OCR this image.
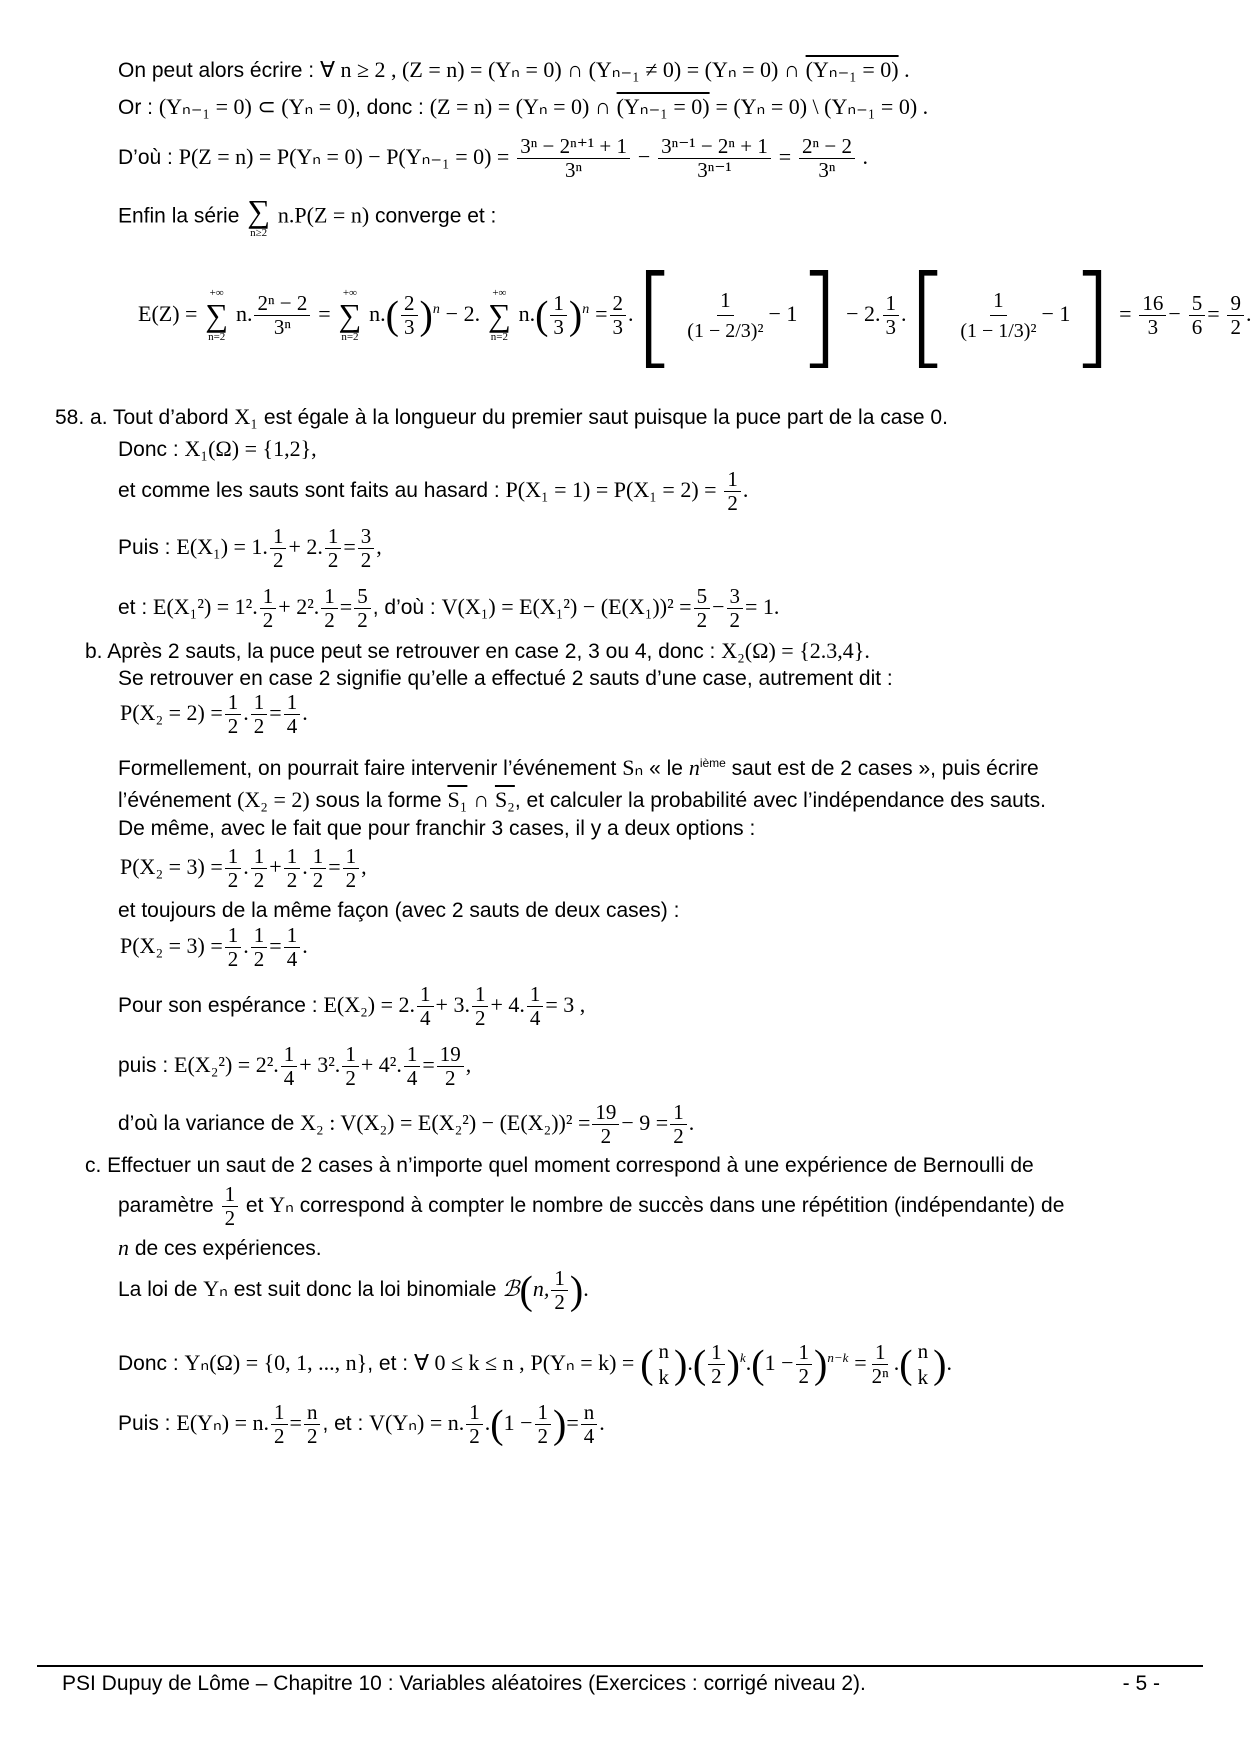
On peut alors écrire : ∀ n ≥ 2 , (Z = n) = (Yₙ = 0) ∩ (Yₙ₋₁ ≠ 0) = (Yₙ = 0) ∩ (Yₙ₋₁ = 0) .
Or : (Yₙ₋₁ = 0) ⊂ (Yₙ = 0), donc : (Z = n) = (Yₙ = 0) ∩ (Yₙ₋₁ = 0) = (Yₙ = 0) \ (Yₙ₋₁ = 0) .
D’où : $P(Z = n) = P(Y_n = 0) - P(Y_{n-1} = 0) = \frac{\text{3ⁿ − 2ⁿ⁺¹ + 1}}{\text{3ⁿ}} - \frac{\text{3ⁿ⁻¹ − 2ⁿ + 1}}{\text{3ⁿ⁻¹}} = \frac{\text{2ⁿ − 2}}{\text{3ⁿ}}$ .
Enfin la série ∑
n≥2
n.P(Z = n) converge et :
E(Z) =
+∞
∑
n=2
n. $\frac{\text{2ⁿ − 2}}{\text{3ⁿ}}$ =
+∞
∑
n=2
$n.( \frac{2}{3} )^n - 2$.
+∞
∑
n=2
$n.( \frac{1}{3} )^n = \frac{2}{3}$ .[ $\frac{1}{\text{(1 − 2/3)²}} - 1] - 2$. $\frac{1}{3}$ .[ $\frac{1}{\text{(1 − 1/3)²}} - 1] = \frac{16}{3} - \frac{5}{6} = \frac{9}{2}$ .
58. a. Tout d’abord X₁ est égale à la longueur du premier saut puisque la puce part de la case 0.
Donc : X₁(Ω) = {1,2},
et comme les sauts sont faits au hasard : $P(X_1 = 1) = P(X_1 = 2) = \frac{1}{2}$ .
Puis : E(X₁) = 1. $\frac{1}{2} + 2$. $\frac{1}{2} = \frac{3}{2}$ ,
et : E(X₁²) = 1². $\frac{1}{2} + 2^2$. $\frac{1}{2} = \frac{5}{2}$ , d’où : $V(X_1) = E(X_1^2) - (E(X_1))^2 = \frac{5}{2} - \frac{3}{2} = 1$.
b. Après 2 sauts, la puce peut se retrouver en case 2, 3 ou 4, donc : X₂(Ω) = {2.3,4}.
Se retrouver en case 2 signifie qu’elle a effectué 2 sauts d’une case, autrement dit :
$P(X_2 = 2) = \frac{1}{2}$ . $\frac{1}{2} = \frac{1}{4}$ .
Formellement, on pourrait faire intervenir l’événement Sₙ « le $n^{ième}$ saut est de 2 cases », puis écrire
l’événement (X₂ = 2) sous la forme S₁ ∩ S₂, et calculer la probabilité avec l’indépendance des sauts.
De même, avec le fait que pour franchir 3 cases, il y a deux options :
$P(X_2 = 3) = \frac{1}{2}$ . $\frac{1}{2} + \frac{1}{2}$ . $\frac{1}{2} = \frac{1}{2}$ ,
et toujours de la même façon (avec 2 sauts de deux cases) :
$P(X_2 = 3) = \frac{1}{2}$ . $\frac{1}{2} = \frac{1}{4}$ .
Pour son espérance : E(X₂) = 2. $\frac{1}{4} + 3$. $\frac{1}{2} + 4$. $\frac{1}{4} = 3$ ,
puis : E(X₂²) = 2². $\frac{1}{4} + 3^2$. $\frac{1}{2} + 4^2$. $\frac{1}{4} = \frac{19}{2}$ ,
d’où la variance de X₂ : $V(X_2) = E(X_2^2) - (E(X_2))^2 = \frac{19}{2} - 9 = \frac{1}{2}$ .
c. Effectuer un saut de 2 cases à n’importe quel moment correspond à une expérience de Bernoulli de
paramètre $\frac{1}{2}$ et Yₙ correspond à compter le nombre de succès dans une répétition (indépendante) de
n de ces expériences.
La loi de Yₙ est suit donc la loi binomiale ℬ(n, $\frac{1}{2}$ ).
Donc : Yₙ(Ω) = {0, 1, ..., n}, et : ∀ 0 ≤ k ≤ n , P(Yₙ = k) = ( n
k ).( $\frac{1}{2} )^k.(1 - \frac{1}{2} )^{n-k} = \frac{1}{\text{2ⁿ}}$ .( n
k ).
Puis : E(Yₙ) = n. $\frac{1}{2} = \frac{n}{2}$ , et : V(Yₙ) = n. $\frac{1}{2} .(1 - \frac{1}{2}$ )= $\frac{n}{4}$ .
PSI Dupuy de Lôme – Chapitre 10 : Variables aléatoires (Exercices : corrigé niveau 2).	- 5 -
